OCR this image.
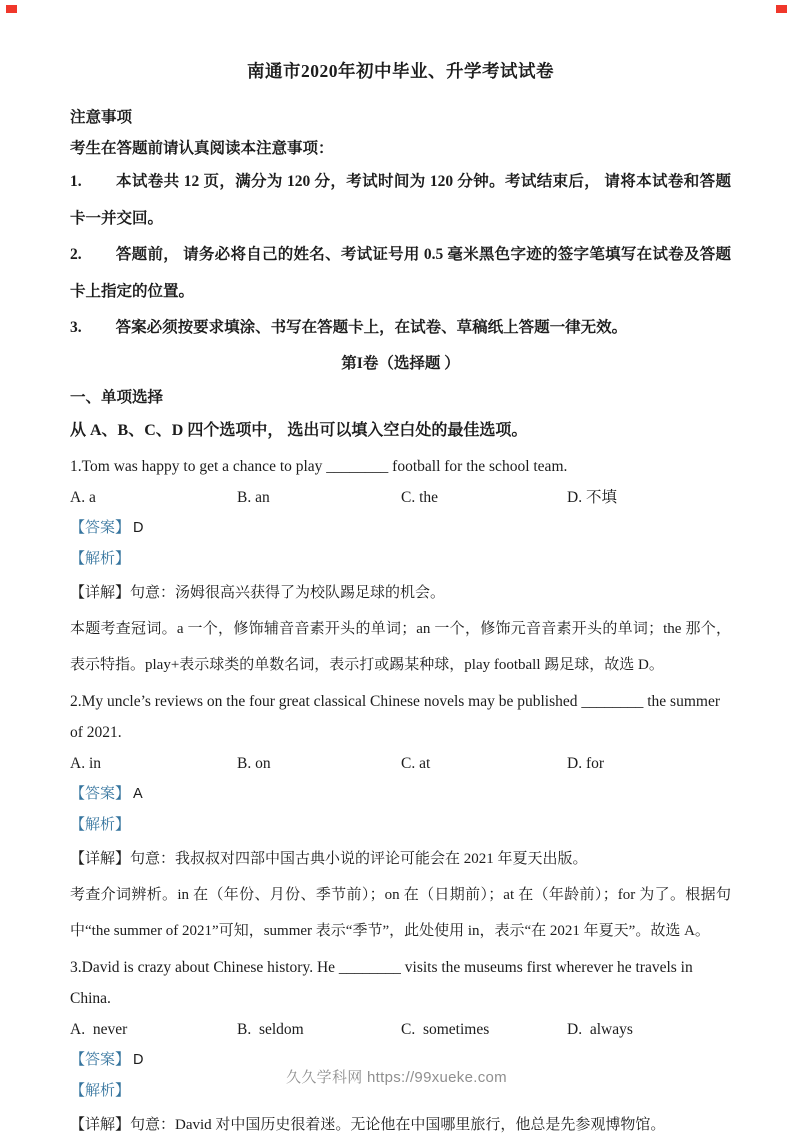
南通市2020年初中毕业、升学考试试卷

注意事项

考生在答题前请认真阅读本注意事项：

1. 本试卷共 12 页，满分为 120 分，考试时间为 120 分钟。考试结束后， 请将本试卷和答题卡一并交回。

2. 答题前， 请务必将自己的姓名、考试证号用 0.5 毫米黑色字迹的签字笔填写在试卷及答题卡上指定的位置。

3. 答案必须按要求填涂、书写在答题卡上，在试卷、草稿纸上答题一律无效。

第I卷（选择题 ）

一、单项选择

从 A、B、C、D 四个选项中， 选出可以填入空白处的最佳选项。

1.Tom was happy to get a chance to play ________ football for the school team.

A. a	B. an	C. the	D. 不填

【答案】 D

【解析】

【详解】句意：汤姆很高兴获得了为校队踢足球的机会。

本题考查冠词。a 一个，修饰辅音音素开头的单词；an 一个，修饰元音音素开头的单词；the 那个，表示特指。play+表示球类的单数名词，表示打或踢某种球，play football 踢足球，故选 D。

2.My uncle’s reviews on the four great classical Chinese novels may be published ________ the summer of 2021.

A. in	B. on	C. at	D. for

【答案】 A

【解析】

【详解】句意：我叔叔对四部中国古典小说的评论可能会在 2021 年夏天出版。

考查介词辨析。in 在（年份、月份、季节前）；on 在（日期前）；at 在（年龄前）；for 为了。根据句中“the summer of 2021”可知，summer 表示“季节”，此处使用 in，表示“在 2021 年夏天”。故选 A。

3.David is crazy about Chinese history. He ________ visits the museums first wherever he travels in China.

A.  never	B.  seldom	C.  sometimes	D.  always

【答案】 D

【解析】

【详解】句意：David 对中国历史很着迷。无论他在中国哪里旅行，他总是先参观博物馆。

久久学科网 https://99xueke.com
